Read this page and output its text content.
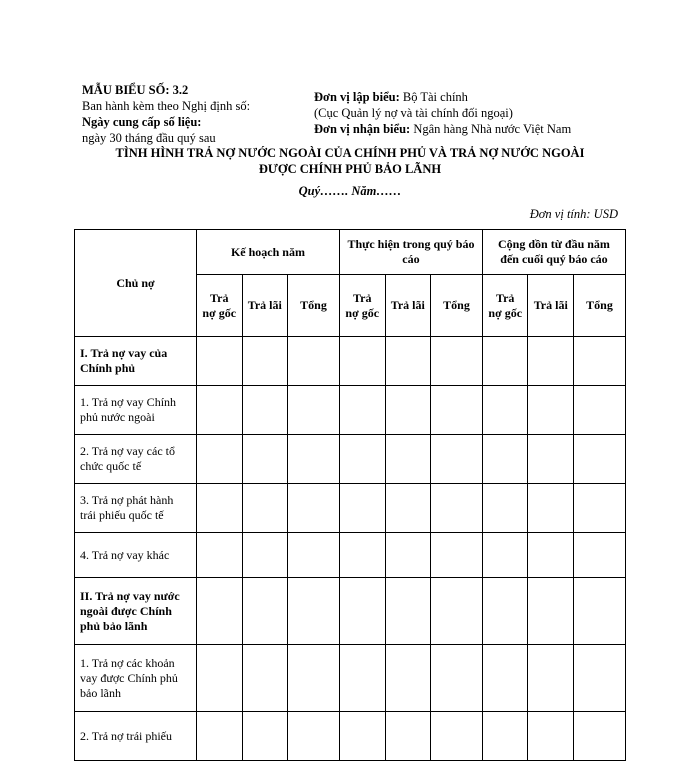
MẪU BIỂU SỐ: 3.2
Ban hành kèm theo Nghị định số:
Ngày cung cấp số liệu:
ngày 30 tháng đầu quý sau
Đơn vị lập biểu: Bộ Tài chính
(Cục Quản lý nợ và tài chính đối ngoại)
Đơn vị nhận biểu: Ngân hàng Nhà nước Việt Nam
TÌNH HÌNH TRẢ NỢ NƯỚC NGOÀI CỦA CHÍNH PHỦ VÀ TRẢ NỢ NƯỚC NGOÀI
ĐƯỢC CHÍNH PHỦ BẢO LÃNH
Quý……. Năm……
Đơn vị tính: USD
Chủ nợ	Kế hoạch năm			Thực hiện trong quý báo cáo			Cộng dồn từ đầu năm đến cuối quý báo cáo		
	Trả nợ gốc	Trả lãi	Tổng	Trả nợ gốc	Trả lãi	Tổng	Trả nợ gốc	Trả lãi	Tổng
I. Trả nợ vay của Chính phủ									
1. Trả nợ vay Chính phủ nước ngoài									
2. Trả nợ vay các tổ chức quốc tế									
3. Trả nợ phát hành trái phiếu quốc tế									
4. Trả nợ vay khác									
II. Trả nợ vay nước ngoài được Chính phủ bảo lãnh									
1. Trả nợ các khoản vay được Chính phủ bảo lãnh									
2. Trả nợ trái phiếu									
